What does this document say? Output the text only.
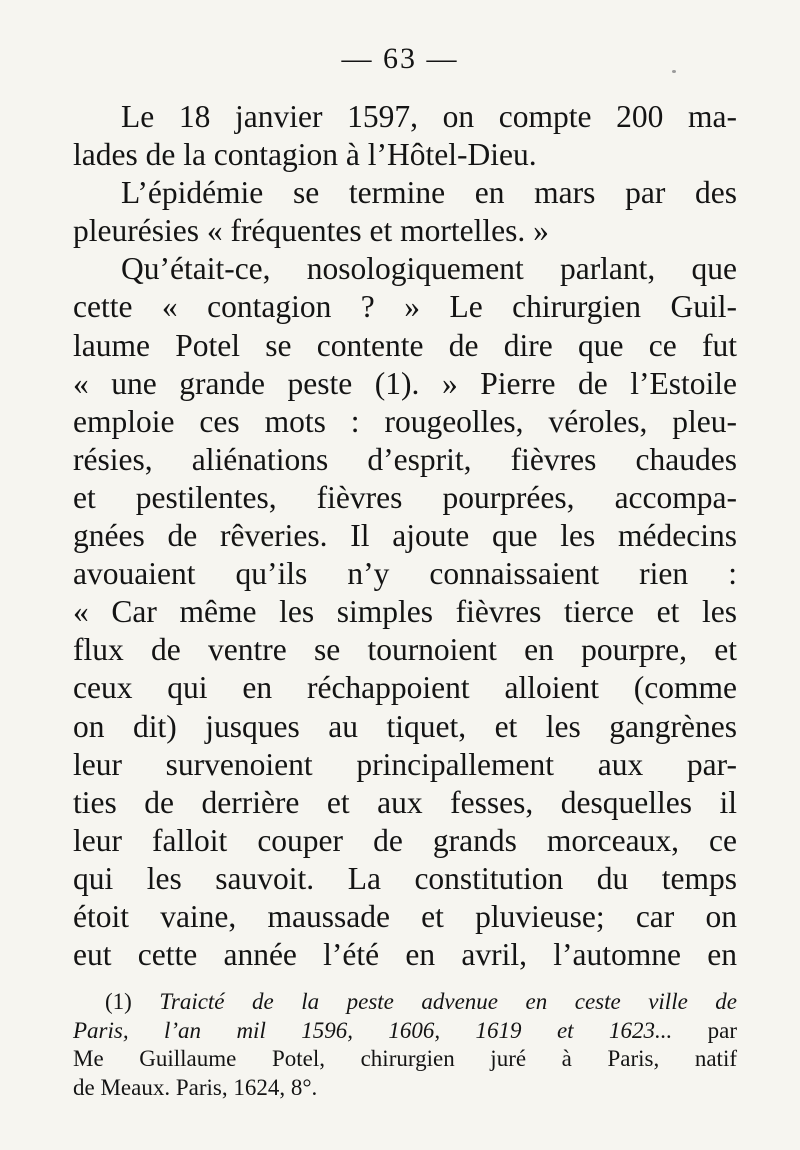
— 63 —
Le 18 janvier 1597, on compte 200 ma-
lades de la contagion à l’Hôtel-Dieu.
L’épidémie se termine en mars par des
pleurésies « fréquentes et mortelles. »
Qu’était-ce, nosologiquement parlant, que
cette « contagion ? » Le chirurgien Guil-
laume Potel se contente de dire que ce fut
« une grande peste (1). » Pierre de l’Estoile
emploie ces mots : rougeolles, véroles, pleu-
résies, aliénations d’esprit, fièvres chaudes
et pestilentes, fièvres pourprées, accompa-
gnées de rêveries. Il ajoute que les médecins
avouaient qu’ils n’y connaissaient rien :
« Car même les simples fièvres tierce et les
flux de ventre se tournoient en pourpre, et
ceux qui en réchappoient alloient (comme
on dit) jusques au tiquet, et les gangrènes
leur survenoient principallement aux par-
ties de derrière et aux fesses, desquelles il
leur falloit couper de grands morceaux, ce
qui les sauvoit. La constitution du temps
étoit vaine, maussade et pluvieuse; car on
eut cette année l’été en avril, l’automne en
(1) Traicté de la peste advenue en ceste ville de
Paris, l’an mil 1596, 1606, 1619 et 1623... par
Me Guillaume Potel, chirurgien juré à Paris, natif
de Meaux. Paris, 1624, 8°.
